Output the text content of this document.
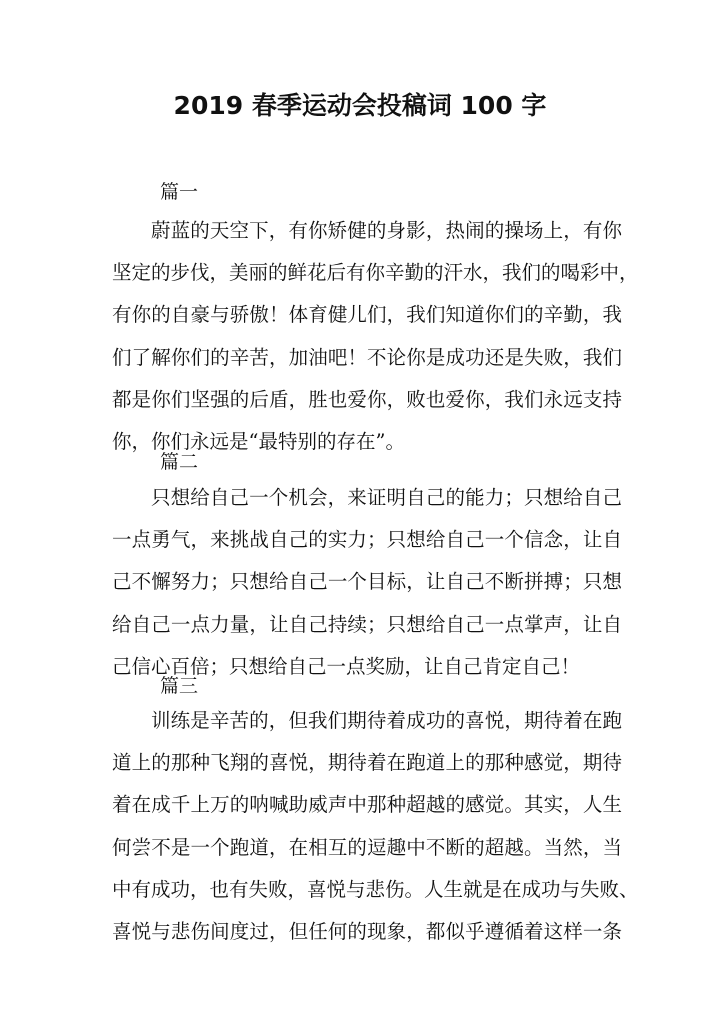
2019 春季运动会投稿词 100 字
篇一
蔚蓝的天空下，有你矫健的身影，热闹的操场上，有你
坚定的步伐，美丽的鲜花后有你辛勤的汗水，我们的喝彩中，
有你的自豪与骄傲！体育健儿们，我们知道你们的辛勤，我
们了解你们的辛苦，加油吧！不论你是成功还是失败，我们
都是你们坚强的后盾，胜也爱你，败也爱你，我们永远支持
你，你们永远是“最特别的存在”。
篇二
只想给自己一个机会，来证明自己的能力；只想给自己
一点勇气，来挑战自己的实力；只想给自己一个信念，让自
己不懈努力；只想给自己一个目标，让自己不断拼搏；只想
给自己一点力量，让自己持续；只想给自己一点掌声，让自
己信心百倍；只想给自己一点奖励，让自己肯定自己！
篇三
训练是辛苦的，但我们期待着成功的喜悦，期待着在跑
道上的那种飞翔的喜悦，期待着在跑道上的那种感觉，期待
着在成千上万的呐喊助威声中那种超越的感觉。其实，人生
何尝不是一个跑道，在相互的逗趣中不断的超越。当然，当
中有成功，也有失败，喜悦与悲伤。人生就是在成功与失败、
喜悦与悲伤间度过，但任何的现象，都似乎遵循着这样一条
